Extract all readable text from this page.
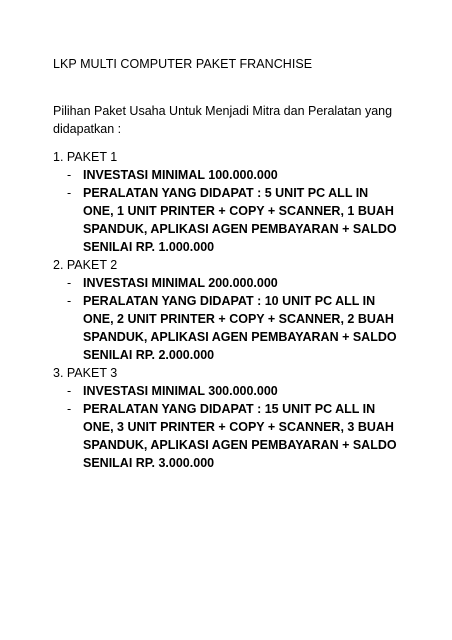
LKP MULTI COMPUTER PAKET FRANCHISE
Pilihan Paket Usaha Untuk Menjadi Mitra dan Peralatan yang didapatkan :
1. PAKET 1
- INVESTASI MINIMAL 100.000.000
- PERALATAN YANG DIDAPAT : 5 UNIT PC ALL IN ONE, 1 UNIT PRINTER + COPY + SCANNER, 1 BUAH SPANDUK, APLIKASI AGEN PEMBAYARAN + SALDO SENILAI RP. 1.000.000
2. PAKET 2
- INVESTASI MINIMAL 200.000.000
- PERALATAN YANG DIDAPAT : 10 UNIT PC ALL IN ONE, 2 UNIT PRINTER + COPY + SCANNER, 2 BUAH SPANDUK, APLIKASI AGEN PEMBAYARAN + SALDO SENILAI RP. 2.000.000
3. PAKET 3
- INVESTASI MINIMAL 300.000.000
- PERALATAN YANG DIDAPAT : 15 UNIT PC ALL IN ONE, 3 UNIT PRINTER + COPY + SCANNER, 3 BUAH SPANDUK, APLIKASI AGEN PEMBAYARAN + SALDO SENILAI RP. 3.000.000
